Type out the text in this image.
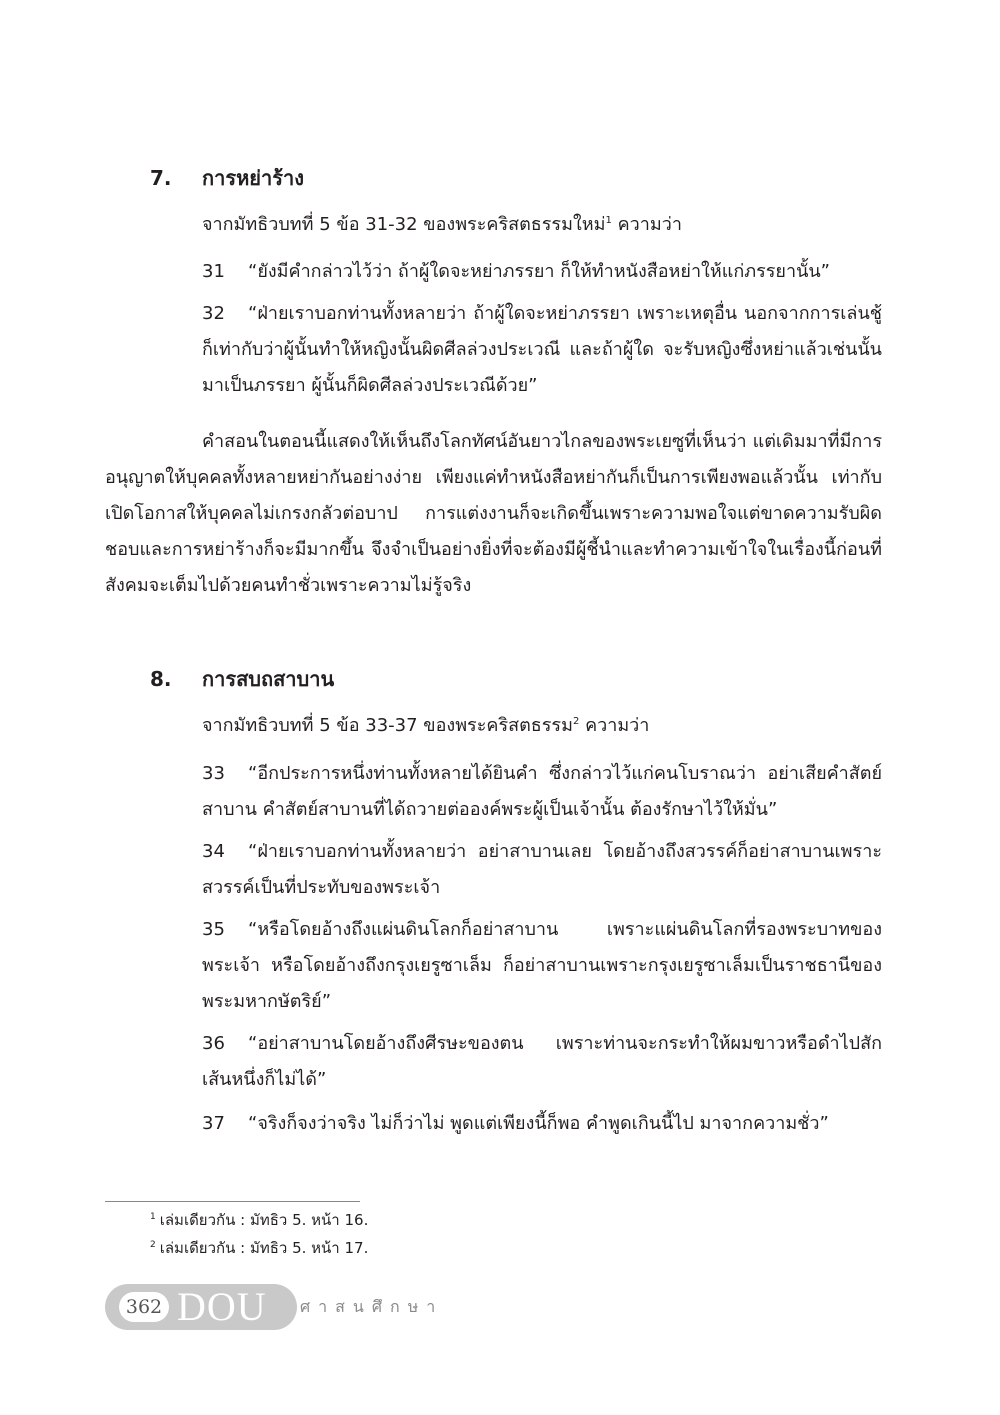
7.	การหย่าร้าง
จากมัทธิวบทที่ 5 ข้อ 31-32 ของพระคริสตธรรมใหม่$^1$ ความว่า
31 “ยังมีคำกล่าวไว้ว่า ถ้าผู้ใดจะหย่าภรรยา ก็ให้ทำหนังสือหย่าให้แก่ภรรยานั้น”
32 “ฝ่ายเราบอกท่านทั้งหลายว่า ถ้าผู้ใดจะหย่าภรรยา เพราะเหตุอื่น นอกจากการเล่นชู้ก็เท่ากับว่าผู้นั้นทำให้หญิงนั้นผิดศีลล่วงประเวณี และถ้าผู้ใด จะรับหญิงซึ่งหย่าแล้วเช่นนั้นมาเป็นภรรยา ผู้นั้นก็ผิดศีลล่วงประเวณีด้วย”
คำสอนในตอนนี้แสดงให้เห็นถึงโลกทัศน์อันยาวไกลของพระเยซูที่เห็นว่า แต่เดิมมาที่มีการอนุญาตให้บุคคลทั้งหลายหย่ากันอย่างง่าย เพียงแค่ทำหนังสือหย่ากันก็เป็นการเพียงพอแล้วนั้น เท่ากับเปิดโอกาสให้บุคคลไม่เกรงกลัวต่อบาป การแต่งงานก็จะเกิดขึ้นเพราะความพอใจแต่ขาดความรับผิดชอบและการหย่าร้างก็จะมีมากขึ้น จึงจำเป็นอย่างยิ่งที่จะต้องมีผู้ชี้นำและทำความเข้าใจในเรื่องนี้ก่อนที่สังคมจะเต็มไปด้วยคนทำชั่วเพราะความไม่รู้จริง
8.	การสบถสาบาน
จากมัทธิวบทที่ 5 ข้อ 33-37 ของพระคริสตธรรม$^2$ ความว่า
33 “อีกประการหนึ่งท่านทั้งหลายได้ยินคำ ซึ่งกล่าวไว้แก่คนโบราณว่า อย่าเสียคำสัตย์สาบาน คำสัตย์สาบานที่ได้ถวายต่อองค์พระผู้เป็นเจ้านั้น ต้องรักษาไว้ให้มั่น”
34 “ฝ่ายเราบอกท่านทั้งหลายว่า อย่าสาบานเลย โดยอ้างถึงสวรรค์ก็อย่าสาบานเพราะสวรรค์เป็นที่ประทับของพระเจ้า
35 “หรือโดยอ้างถึงแผ่นดินโลกก็อย่าสาบาน เพราะแผ่นดินโลกที่รองพระบาทของพระเจ้า หรือโดยอ้างถึงกรุงเยรูซาเล็ม ก็อย่าสาบานเพราะกรุงเยรูซาเล็มเป็นราชธานีของพระมหากษัตริย์”
36 “อย่าสาบานโดยอ้างถึงศีรษะของตน เพราะท่านจะกระทำให้ผมขาวหรือดำไปสักเส้นหนึ่งก็ไม่ได้”
37 “จริงก็จงว่าจริง ไม่ก็ว่าไม่ พูดแต่เพียงนี้ก็พอ คำพูดเกินนี้ไป มาจากความชั่ว”
$^1$ เล่มเดียวกัน : มัทธิว 5. หน้า 16.
$^2$ เล่มเดียวกัน : มัทธิว 5. หน้า 17.
362 DOU ศาสนศึกษา
